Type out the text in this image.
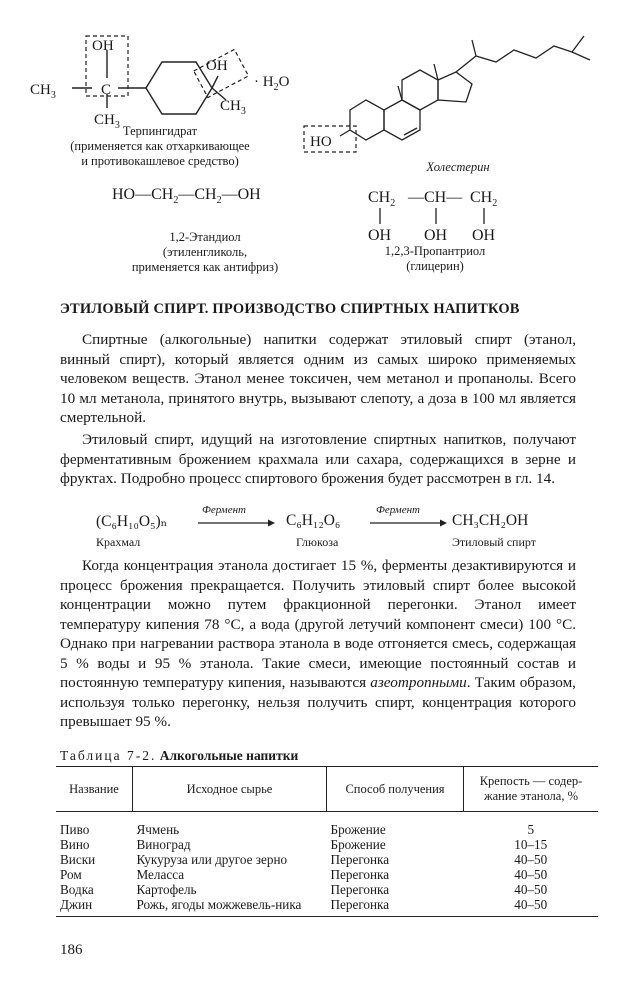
$CH_3$
OH
C
$CH_3$
OH
$CH_3$
· $H_2O$
Терпингидрат
(применяется как отхаркивающее
и противокашлевое средство)
HO
Холестерин
$HO—CH_2—CH_2—OH$
1,2-Этандиол
(этиленгликоль,
применяется как антифриз)
$CH_2$ —CH— $CH_2$
OH OH OH
1,2,3-Пропантриол
(глицерин)
ЭТИЛОВЫЙ СПИРТ. ПРОИЗВОДСТВО СПИРТНЫХ НАПИТКОВ
Спиртные (алкогольные) напитки содержат этиловый спирт (этанол, винный спирт), который является одним из самых широко применяемых человеком веществ. Этанол менее токсичен, чем метанол и пропанолы. Всего 10 мл метанола, принятого внутрь, вызывают слепоту, а доза в 100 мл является смертельной.
Этиловый спирт, идущий на изготовление спиртных напитков, получают ферментативным брожением крахмала или сахара, содержащихся в зерне и фруктах. Подробно процесс спиртового брожения будет рассмотрен в гл. 14.
(C₆H₁₀O₅)ₙ
Фермент
C₆H₁₂O₆
Фермент
CH₃CH₂OH
Крахмал	Глюкоза	Этиловый спирт
Когда концентрация этанола достигает 15 %, ферменты дезактивируются и процесс брожения прекращается. Получить этиловый спирт более высокой концентрации можно путем фракционной перегонки. Этанол имеет температуру кипения 78 °C, а вода (другой летучий компонент смеси) 100 °C. Однако при нагревании раствора этанола в воде отгоняется смесь, содержащая 5 % воды и 95 % этанола. Такие смеси, имеющие постоянный состав и постоянную температуру кипения, называются азеотропными. Таким образом, используя только перегонку, нельзя получить спирт, концентрация которого превышает 95 %.
Таблица 7-2. Алкогольные напитки
Название	Исходное сырье	Способ получения	Крепость — содер-жание этанола, %
Пиво	Ячмень	Брожение	5
Вино	Виноград	Брожение	10–15
Виски	Кукуруза или другое зерно	Перегонка	40–50
Ром	Меласса	Перегонка	40–50
Водка	Картофель	Перегонка	40–50
Джин	Рожь, ягоды можжевель-ника	Перегонка	40–50
186
